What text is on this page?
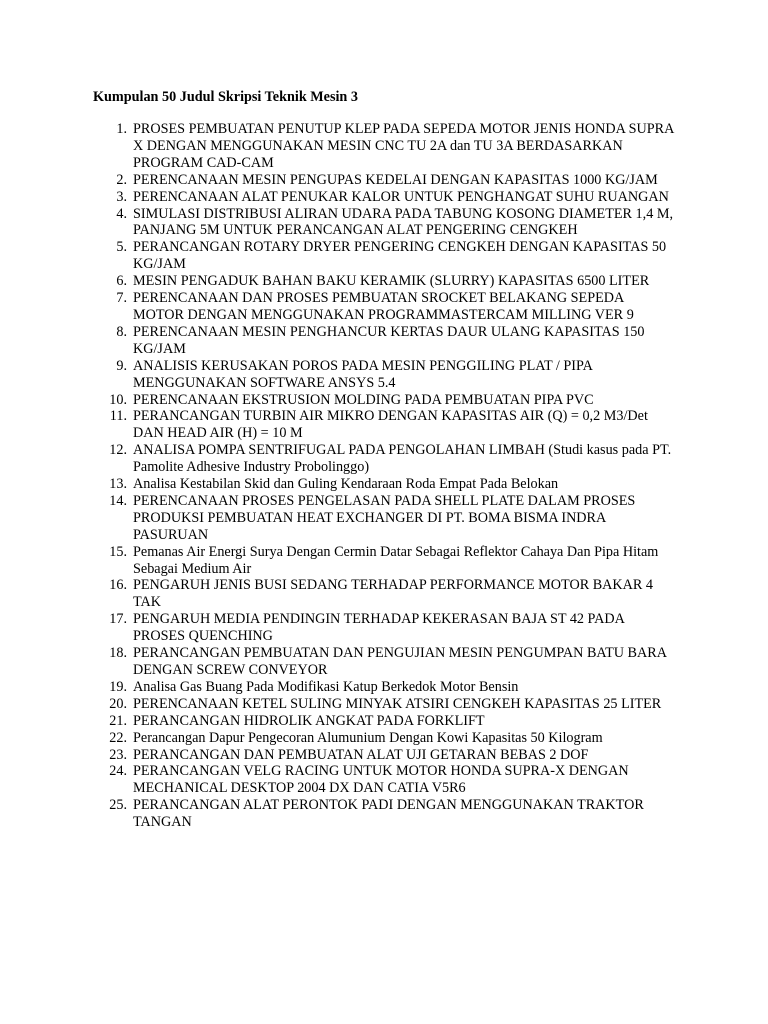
Kumpulan 50 Judul Skripsi Teknik Mesin 3
1. PROSES PEMBUATAN PENUTUP KLEP PADA SEPEDA MOTOR JENIS HONDA SUPRA X DENGAN MENGGUNAKAN MESIN CNC TU 2A dan TU 3A BERDASARKAN PROGRAM CAD-CAM
2. PERENCANAAN MESIN PENGUPAS KEDELAI DENGAN KAPASITAS 1000 KG/JAM
3. PERENCANAAN ALAT PENUKAR KALOR UNTUK PENGHANGAT SUHU RUANGAN
4. SIMULASI DISTRIBUSI ALIRAN UDARA PADA TABUNG KOSONG DIAMETER 1,4 M, PANJANG 5M UNTUK PERANCANGAN ALAT PENGERING CENGKEH
5. PERANCANGAN ROTARY DRYER PENGERING CENGKEH DENGAN KAPASITAS 50 KG/JAM
6. MESIN PENGADUK BAHAN BAKU KERAMIK (SLURRY) KAPASITAS 6500 LITER
7. PERENCANAAN DAN PROSES PEMBUATAN SROCKET BELAKANG SEPEDA MOTOR DENGAN MENGGUNAKAN PROGRAMMASTERCAM MILLING VER 9
8. PERENCANAAN MESIN PENGHANCUR KERTAS DAUR ULANG KAPASITAS 150 KG/JAM
9. ANALISIS KERUSAKAN POROS PADA MESIN PENGGILING PLAT / PIPA MENGGUNAKAN SOFTWARE ANSYS 5.4
10. PERENCANAAN EKSTRUSION MOLDING PADA PEMBUATAN PIPA PVC
11. PERANCANGAN TURBIN AIR MIKRO DENGAN KAPASITAS AIR (Q) = 0,2 M3/Det DAN HEAD AIR (H) = 10 M
12. ANALISA POMPA SENTRIFUGAL PADA PENGOLAHAN LIMBAH (Studi kasus pada PT. Pamolite Adhesive Industry Probolinggo)
13. Analisa Kestabilan Skid dan Guling Kendaraan Roda Empat Pada Belokan
14. PERENCANAAN PROSES PENGELASAN PADA SHELL PLATE DALAM PROSES PRODUKSI PEMBUATAN HEAT EXCHANGER DI PT. BOMA BISMA INDRA PASURUAN
15. Pemanas Air Energi Surya Dengan Cermin Datar Sebagai Reflektor Cahaya Dan Pipa Hitam Sebagai Medium Air
16. PENGARUH JENIS BUSI SEDANG TERHADAP PERFORMANCE MOTOR BAKAR 4 TAK
17. PENGARUH MEDIA PENDINGIN TERHADAP KEKERASAN BAJA ST 42 PADA PROSES QUENCHING
18. PERANCANGAN PEMBUATAN DAN PENGUJIAN MESIN PENGUMPAN BATU BARA DENGAN SCREW CONVEYOR
19. Analisa Gas Buang Pada Modifikasi Katup Berkedok Motor Bensin
20. PERENCANAAN KETEL SULING MINYAK ATSIRI CENGKEH KAPASITAS 25 LITER
21. PERANCANGAN HIDROLIK ANGKAT PADA FORKLIFT
22. Perancangan Dapur Pengecoran Alumunium Dengan Kowi Kapasitas 50 Kilogram
23. PERANCANGAN DAN PEMBUATAN ALAT UJI GETARAN BEBAS 2 DOF
24. PERANCANGAN VELG RACING UNTUK MOTOR HONDA SUPRA-X DENGAN MECHANICAL DESKTOP 2004 DX DAN CATIA V5R6
25. PERANCANGAN ALAT PERONTOK PADI DENGAN MENGGUNAKAN TRAKTOR TANGAN
